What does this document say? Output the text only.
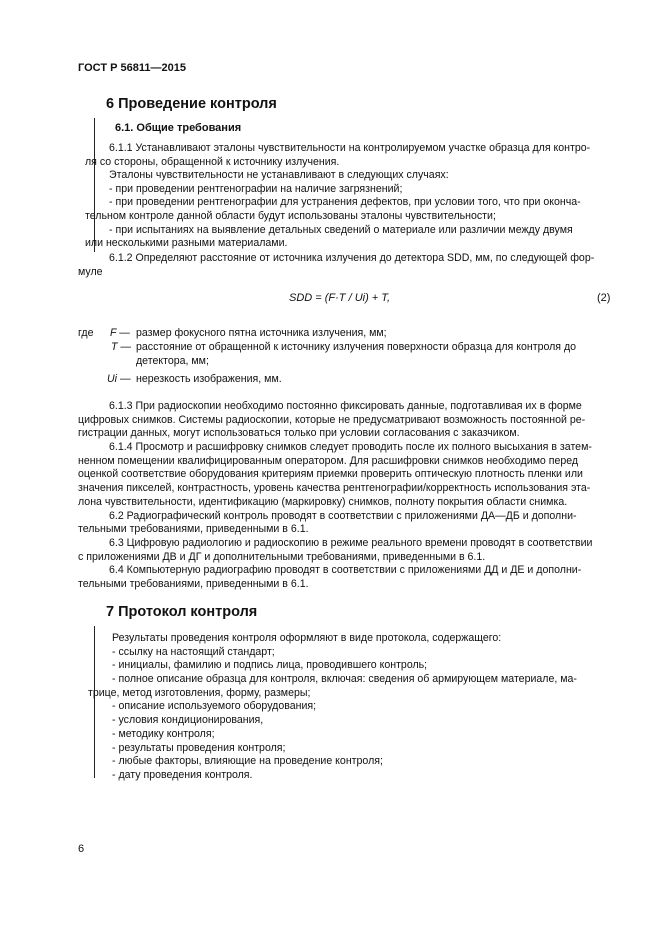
ГОСТ Р 56811—2015
6 Проведение контроля
6.1. Общие требования
6.1.1 Устанавливают эталоны чувствительности на контролируемом участке образца для контро-
ля со стороны, обращенной к источнику излучения.
Эталоны чувствительности не устанавливают в следующих случаях:
- при проведении рентгенографии на наличие загрязнений;
- при проведении рентгенографии для устранения дефектов, при условии того, что при оконча-
тельном контроле данной области будут использованы эталоны чувствительности;
- при испытаниях на выявление детальных сведений о материале или различии между двумя
или несколькими разными материалами.
6.1.2 Определяют расстояние от источника излучения до детектора SDD, мм, по следующей фор-
муле
SDD = (F·T / Ui) + T,	(2)
где F — размер фокусного пятна источника излучения, мм;
T — расстояние от обращенной к источнику излучения поверхности образца для контроля до
детектора, мм;
Ui — нерезкость изображения, мм.
6.1.3 При радиоскопии необходимо постоянно фиксировать данные, подготавливая их в форме
цифровых снимков. Системы радиоскопии, которые не предусматривают возможность постоянной ре-
гистрации данных, могут использоваться только при условии согласования с заказчиком.
6.1.4 Просмотр и расшифровку снимков следует проводить после их полного высыхания в затем-
ненном помещении квалифицированным оператором. Для расшифровки снимков необходимо перед
оценкой соответствие оборудования критериям приемки проверить оптическую плотность пленки или
значения пикселей, контрастность, уровень качества рентгенографии/корректность использования эта-
лона чувствительности, идентификацию (маркировку) снимков, полноту покрытия области снимка.
6.2 Радиографический контроль проводят в соответствии с приложениями ДА—ДБ и дополни-
тельными требованиями, приведенными в 6.1.
6.3 Цифровую радиологию и радиоскопию в режиме реального времени проводят в соответствии
с приложениями ДВ и ДГ и дополнительными требованиями, приведенными в 6.1.
6.4 Компьютерную радиографию проводят в соответствии с приложениями ДД и ДЕ и дополни-
тельными требованиями, приведенными в 6.1.
7 Протокол контроля
Результаты проведения контроля оформляют в виде протокола, содержащего:
- ссылку на настоящий стандарт;
- инициалы, фамилию и подпись лица, проводившего контроль;
- полное описание образца для контроля, включая: сведения об армирующем материале, ма-
трице, метод изготовления, форму, размеры;
- описание используемого оборудования;
- условия кондиционирования,
- методику контроля;
- результаты проведения контроля;
- любые факторы, влияющие на проведение контроля;
- дату проведения контроля.
6
